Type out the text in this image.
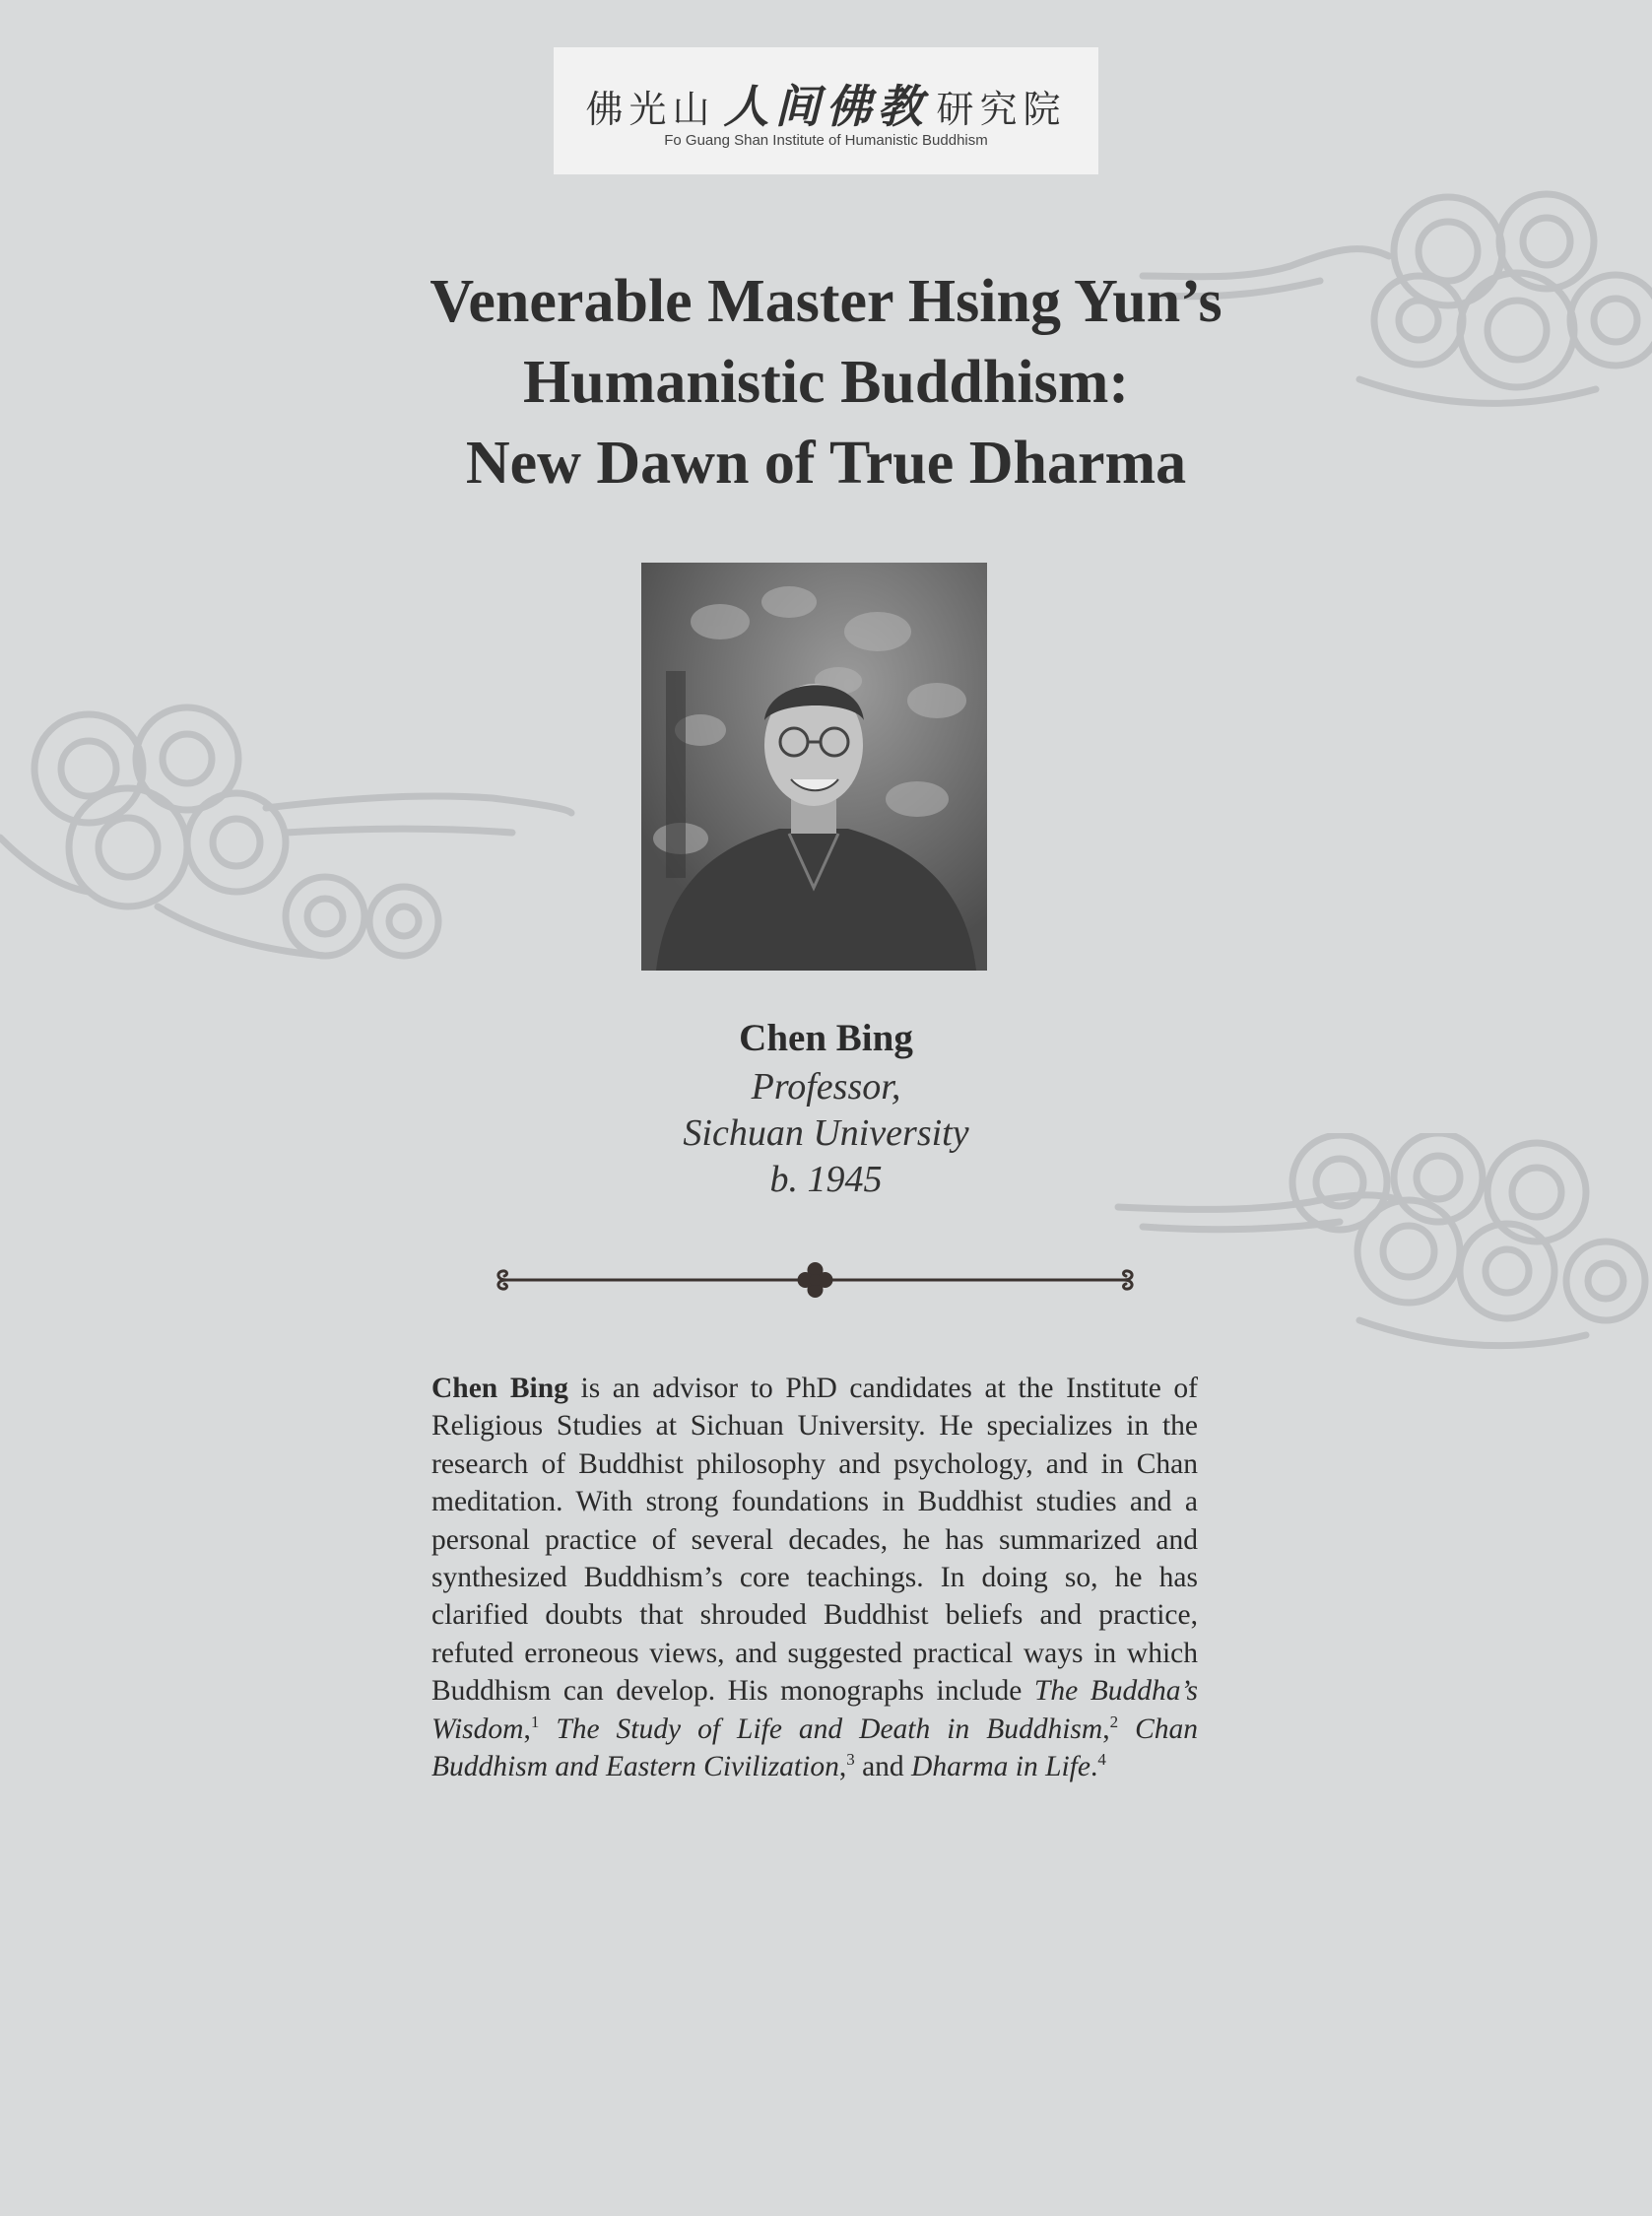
佛光山 人间佛教 研究院
Fo Guang Shan Institute of Humanistic Buddhism
Venerable Master Hsing Yun’s
Humanistic Buddhism:
New Dawn of True Dharma
Chen Bing
Professor,
Sichuan University
b. 1945
Chen Bing is an advisor to PhD candidates at the Institute of Religious Studies at Sichuan University. He specializes in the research of Buddhist philosophy and psychology, and in Chan meditation. With strong foundations in Buddhist studies and a personal practice of several decades, he has summarized and synthesized Buddhism’s core teachings. In doing so, he has clarified doubts that shrouded Buddhist beliefs and practice, refuted erroneous views, and suggested practical ways in which Buddhism can develop. His monographs include The Buddha’s Wisdom,$^1$ The Study of Life and Death in Buddhism,$^2$ Chan Buddhism and Eastern Civilization,$^3$ and Dharma in Life.$^4$
